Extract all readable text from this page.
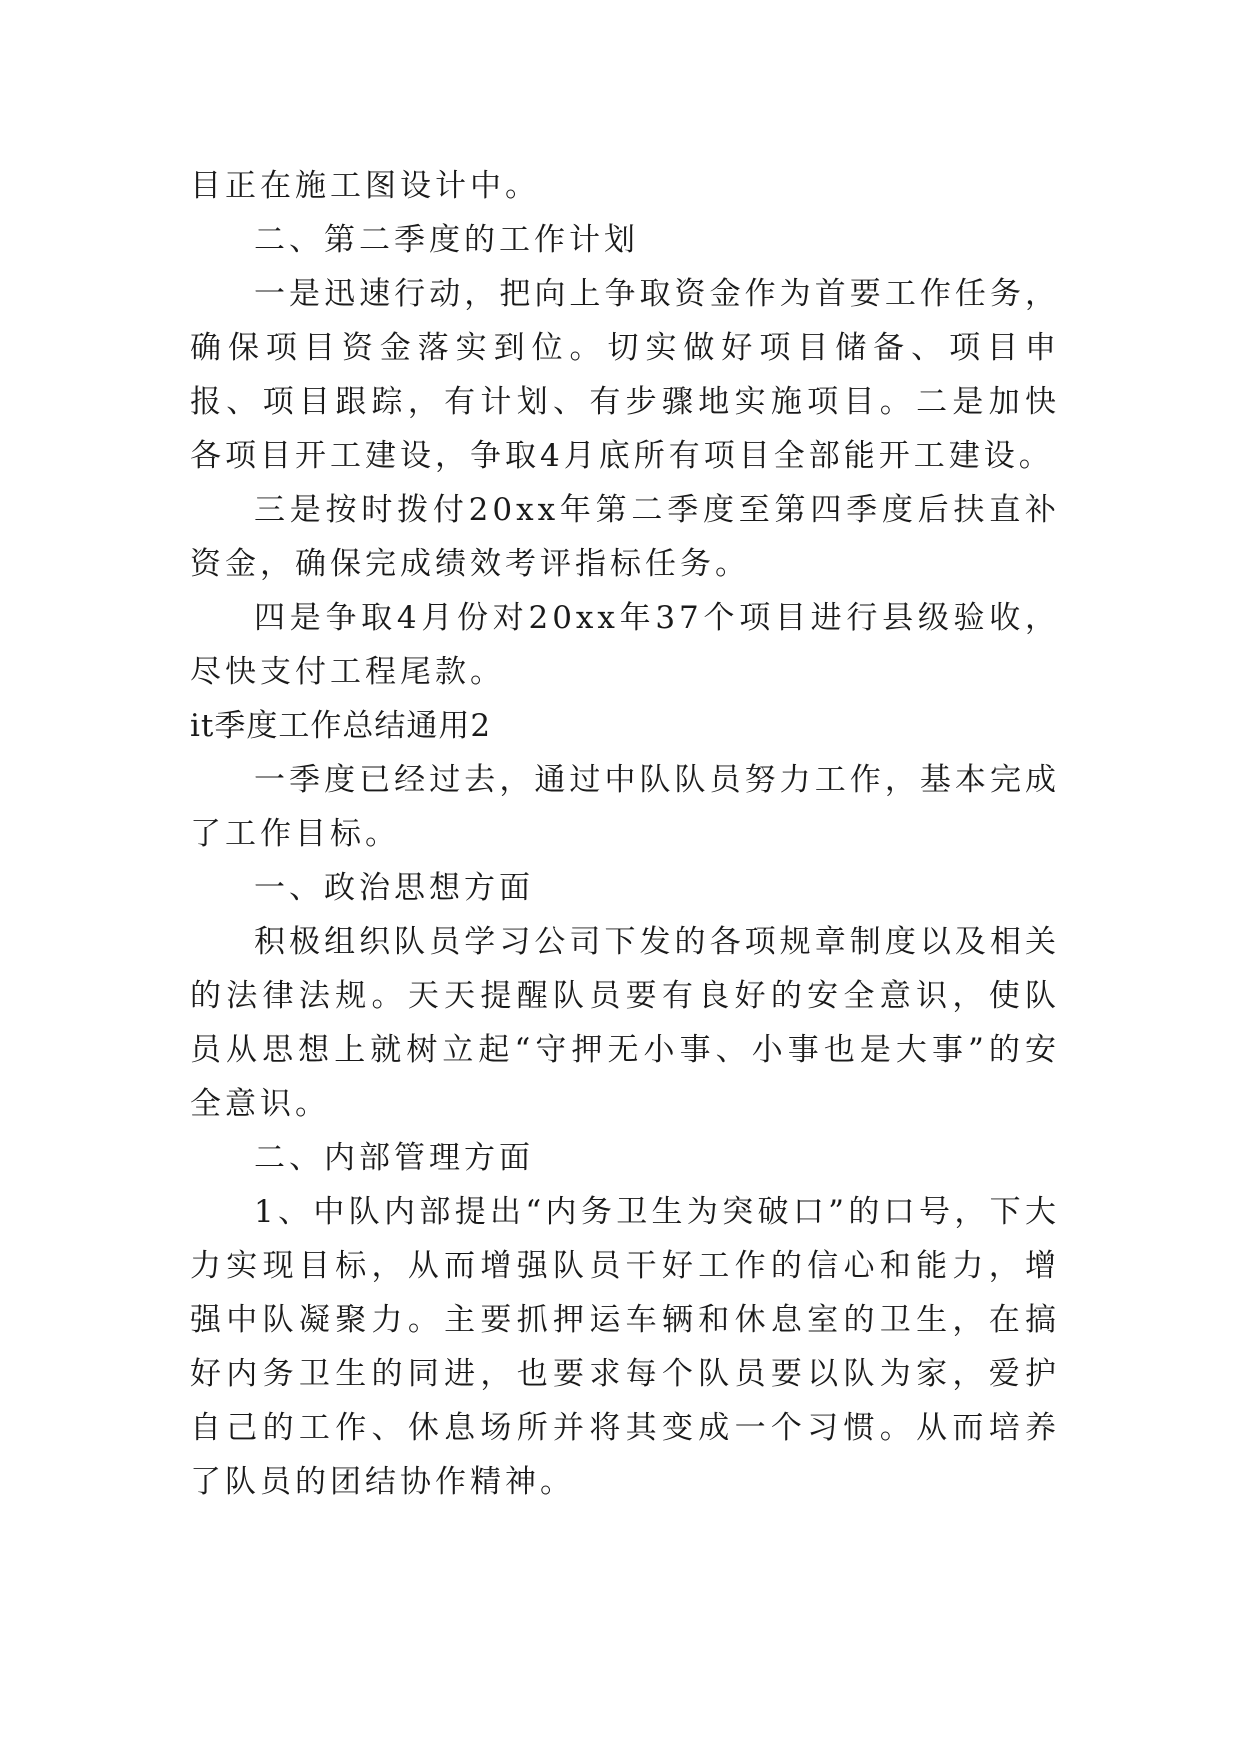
目正在施工图设计中。

二、第二季度的工作计划

一是迅速行动，把向上争取资金作为首要工作任务，确保项目资金落实到位。切实做好项目储备、项目申报、项目跟踪，有计划、有步骤地实施项目。二是加快各项目开工建设，争取4月底所有项目全部能开工建设。

三是按时拨付20xx年第二季度至第四季度后扶直补资金，确保完成绩效考评指标任务。

四是争取4月份对20xx年37个项目进行县级验收，尽快支付工程尾款。

it季度工作总结通用2

一季度已经过去，通过中队队员努力工作，基本完成了工作目标。

一、政治思想方面

积极组织队员学习公司下发的各项规章制度以及相关的法律法规。天天提醒队员要有良好的安全意识，使队员从思想上就树立起“守押无小事、小事也是大事”的安全意识。

二、内部管理方面

1、中队内部提出“内务卫生为突破口”的口号，下大力实现目标，从而增强队员干好工作的信心和能力，增强中队凝聚力。主要抓押运车辆和休息室的卫生，在搞好内务卫生的同进，也要求每个队员要以队为家，爱护自己的工作、休息场所并将其变成一个习惯。从而培养了队员的团结协作精神。
